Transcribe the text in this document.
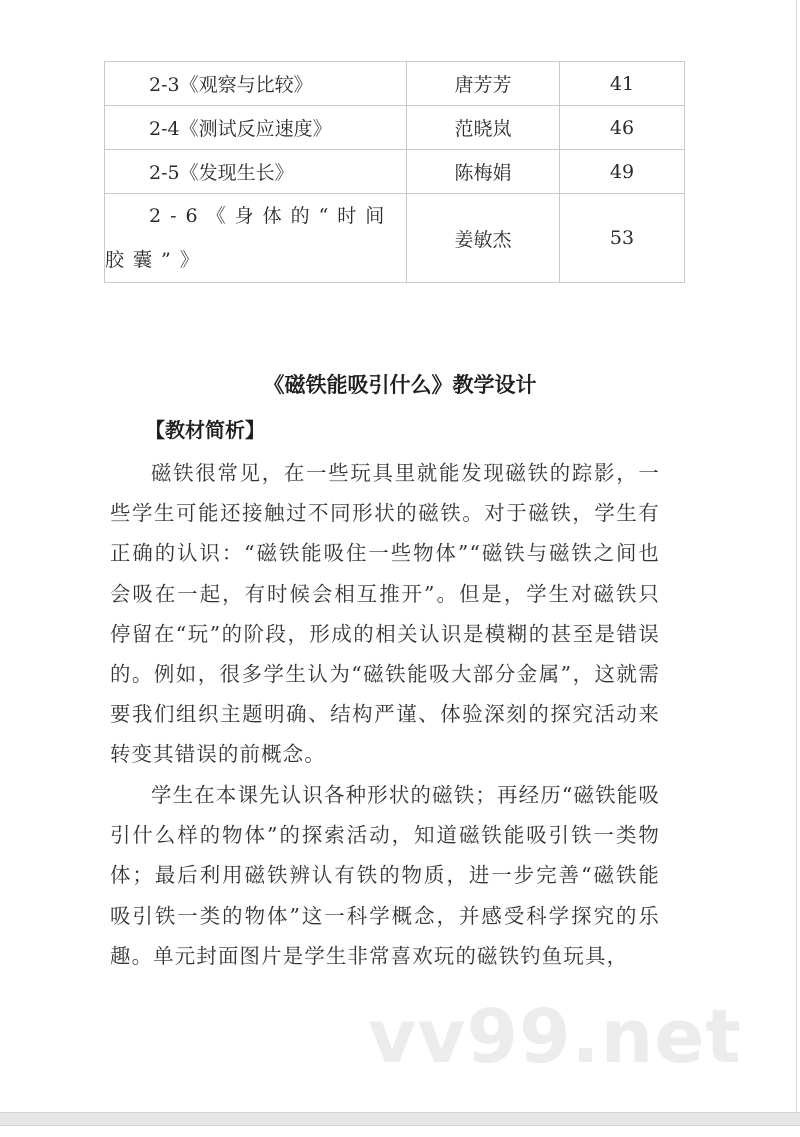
2-3《观察与比较》	唐芳芳	41

2-4《测试反应速度》	范晓岚	46

2-5《发现生长》	陈梅娟	49

2-6《身体的“时间胶囊”》	姜敏杰	53
《磁铁能吸引什么》教学设计
【教材简析】

磁铁很常见，在一些玩具里就能发现磁铁的踪影，一些学生可能还接触过不同形状的磁铁。对于磁铁，学生有正确的认识：“磁铁能吸住一些物体”“磁铁与磁铁之间也会吸在一起，有时候会相互推开”。但是，学生对磁铁只停留在“玩”的阶段，形成的相关认识是模糊的甚至是错误的。例如，很多学生认为“磁铁能吸大部分金属”，这就需要我们组织主题明确、结构严谨、体验深刻的探究活动来转变其错误的前概念。

学生在本课先认识各种形状的磁铁；再经历“磁铁能吸引什么样的物体”的探索活动，知道磁铁能吸引铁一类物体；最后利用磁铁辨认有铁的物质，进一步完善“磁铁能吸引铁一类的物体”这一科学概念，并感受科学探究的乐趣。单元封面图片是学生非常喜欢玩的磁铁钓鱼玩具，

vv99.net
